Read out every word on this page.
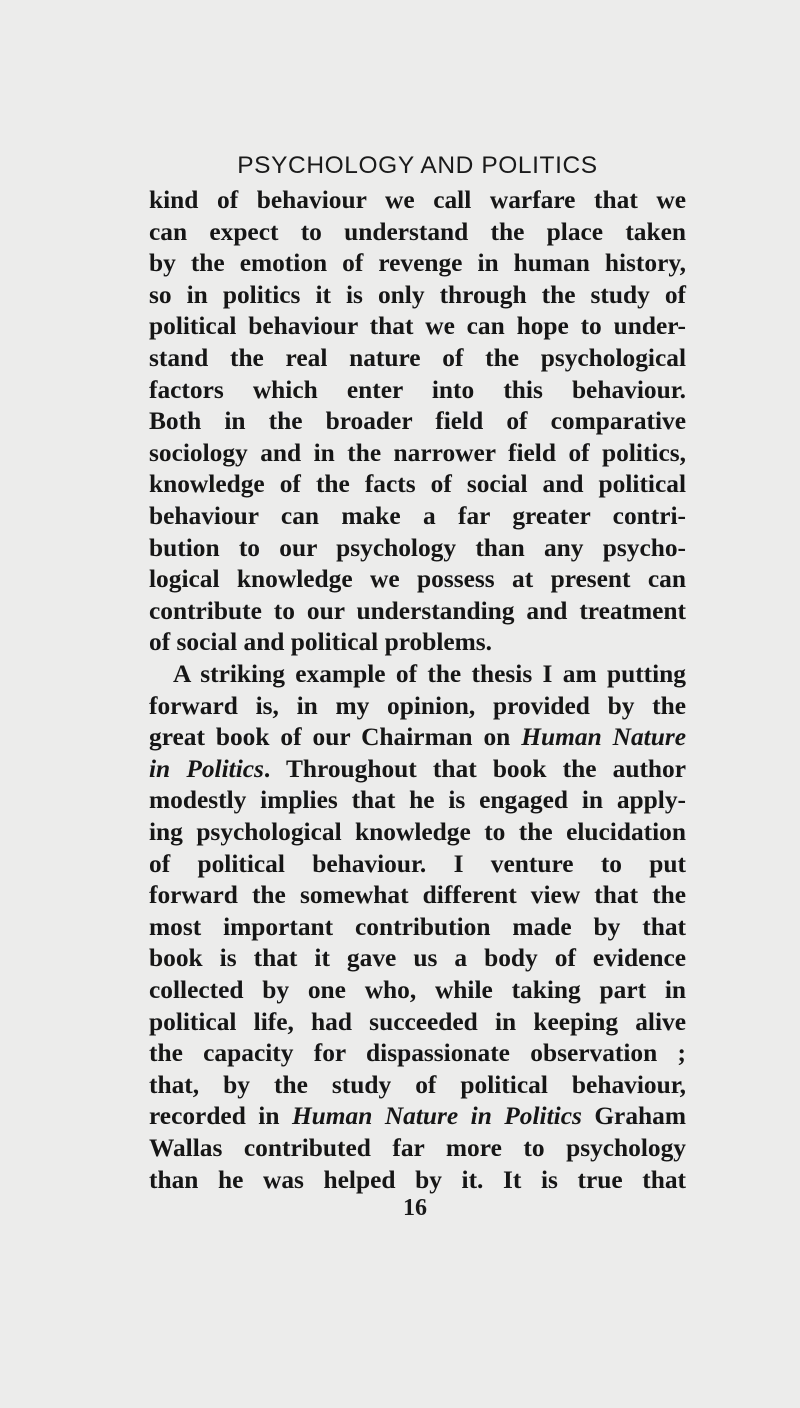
PSYCHOLOGY AND POLITICS
kind of behaviour we call warfare that we
can expect to understand the place taken
by the emotion of revenge in human history,
so in politics it is only through the study of
political behaviour that we can hope to under-
stand the real nature of the psychological
factors which enter into this behaviour.
Both in the broader field of comparative
sociology and in the narrower field of politics,
knowledge of the facts of social and political
behaviour can make a far greater contri-
bution to our psychology than any psycho-
logical knowledge we possess at present can
contribute to our understanding and treatment
of social and political problems.
A striking example of the thesis I am putting
forward is, in my opinion, provided by the
great book of our Chairman on Human Nature
in Politics. Throughout that book the author
modestly implies that he is engaged in apply-
ing psychological knowledge to the elucidation
of political behaviour. I venture to put
forward the somewhat different view that the
most important contribution made by that
book is that it gave us a body of evidence
collected by one who, while taking part in
16
political life, had succeeded in keeping alive
the capacity for dispassionate observation ;
that, by the study of political behaviour,
recorded in Human Nature in Politics Graham
Wallas contributed far more to psychology
than he was helped by it. It is true that
